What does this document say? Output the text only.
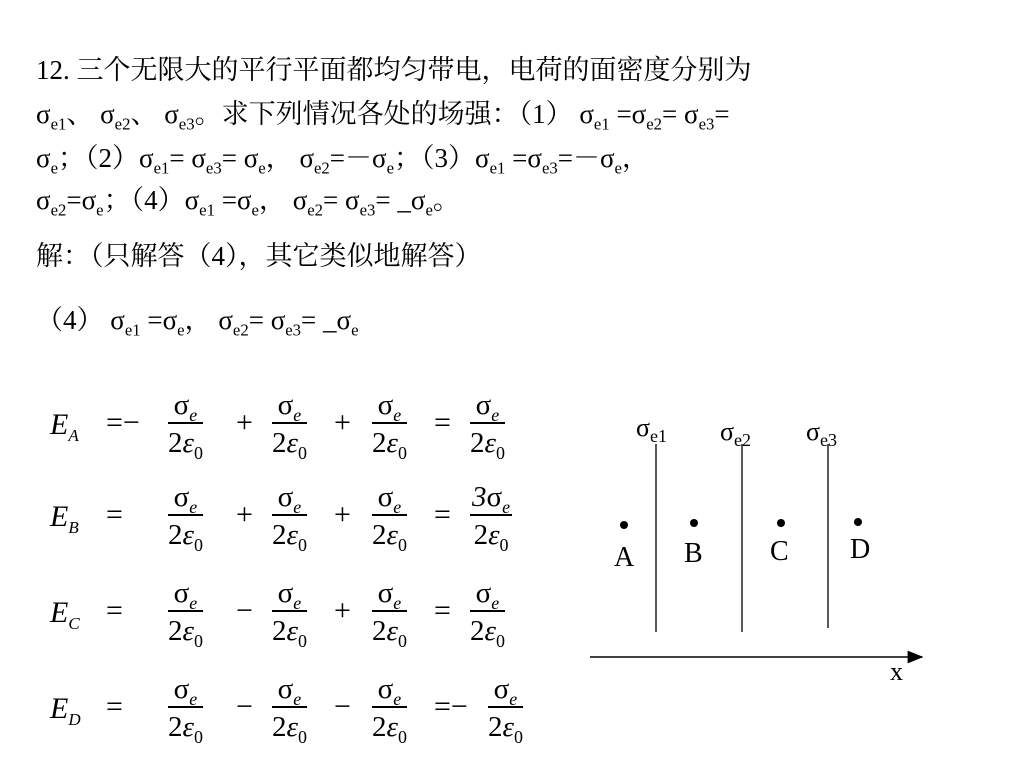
12. 三个无限大的平行平面都均匀带电，电荷的面密度分别为
$\sigma_{e1}$、 $\sigma_{e2}$、 $\sigma_{e3}$。求下列情况各处的场强：（1） $\sigma_{e1} =\sigma_{e2}= \sigma_{e3}=$
$\sigma_e$；$(2)\sigma_{e1}= \sigma_{e3}= \sigma_e$， $\sigma_{e2}=-\sigma_e$；$(3)\sigma_{e1} =\sigma_{e3}=-\sigma_e$，
$\sigma_{e2}=\sigma_e$；$(4)\sigma_{e1} =\sigma_e$， $\sigma_{e2}= \sigma_{e3}=$ $\_\sigma_e$。
解：（只解答（4），其它类似地解答）
（4） $\sigma_{e1} =\sigma_e$， $\sigma_{e2}= \sigma_{e3}=$ $\_\sigma_e$
$E_A$ =−
$\sigma_e$
$2\varepsilon_0$
+
$\sigma_e$
$2\varepsilon_0$
+
$\sigma_e$
$2\varepsilon_0$
=
$\sigma_e$
$2\varepsilon_0$
$E_B$ =
$\sigma_e$
$2\varepsilon_0$
+
$\sigma_e$
$2\varepsilon_0$
+
$\sigma_e$
$2\varepsilon_0$
=
$3\sigma_e$
$2\varepsilon_0$
$E_C$ =
$\sigma_e$
$2\varepsilon_0$
−
$\sigma_e$
$2\varepsilon_0$
+
$\sigma_e$
$2\varepsilon_0$
=
$\sigma_e$
$2\varepsilon_0$
$E_D$ =
$\sigma_e$
$2\varepsilon_0$
−
$\sigma_e$
$2\varepsilon_0$
−
$\sigma_e$
$2\varepsilon_0$
=−
$\sigma_e$
$2\varepsilon_0$
$\sigma_{e1}$ $\sigma_{e2}$ $\sigma_{e3}$
A B C D
x
